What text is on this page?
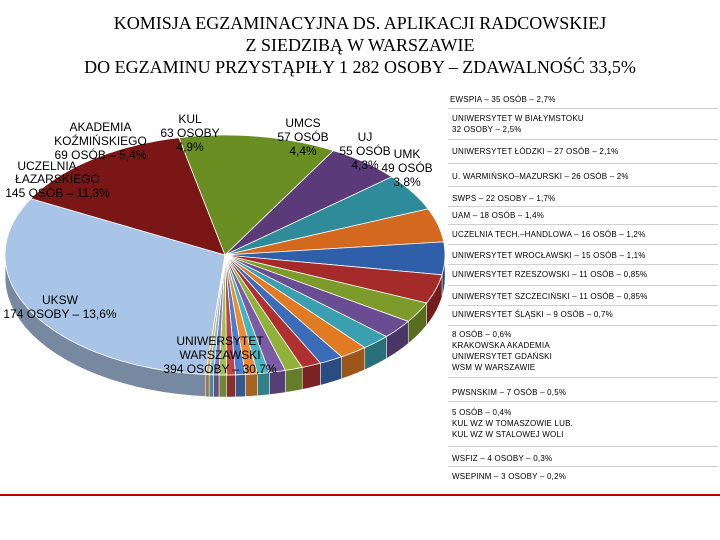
KOMISJA EGZAMINACYJNA DS. APLIKACJI RADCOWSKIEJ
Z SIEDZIBĄ W WARSZAWIE
DO EGZAMINU PRZYSTĄPIŁY 1 282 OSOBY – ZDAWALNOŚĆ 33,5%
UNIWERSYTET
WARSZAWSKI
394 OSOBY – 30,7%
UKSW
174 OSOBY – 13,6%
ŁAZARSKIEGO
145 OSÓB – 11,3%
AKADEMIA
KOŹMIŃSKIEGO
69 OSÓB – 5,4%
UCZELNIA
KUL
63 OSOBY
4,9%
UMCS
57 OSÓB
4,4%
UJ
55 OSÓB
4,3%
UMK
49 OSÓB
3,8%
EWSPIA – 35 OSÓB – 2,7%
UNIWERSYTET W BIAŁYMSTOKU
32 OSOBY – 2,5%
UNIWERSYTET ŁÓDZKI – 27 OSÓB – 2,1%
U. WARMIŃSKO–MAZURSKI – 26 OSÓB – 2%
SWPS – 22 OSOBY – 1,7%
UAM – 18 OSÓB – 1,4%
UCZELNIA TECH.–HANDLOWA – 16 OSÓB – 1,2%
UNIWERSYTET WROCŁAWSKI – 15 OSÓB – 1,1%
UNIWERSYTET RZESZOWSKI – 11 OSÓB – 0,85%
UNIWERSYTET SZCZECIŃSKI – 11 OSÓB – 0,85%
UNIWERSYTET ŚLĄSKI – 9 OSÓB – 0,7%
8 OSÓB – 0,6%
KRAKOWSKA AKADEMIA
UNIWERSYTET GDAŃSKI
WSM W WARSZAWIE
PWSNSKIM – 7 OSÓB – 0,5%
5 OSÓB – 0,4%
KUL WZ W TOMASZOWIE LUB.
KUL WZ W STALOWEJ WOLI
WSFIZ – 4 OSOBY – 0,3%
WSEPINM – 3 OSOBY – 0,2%
